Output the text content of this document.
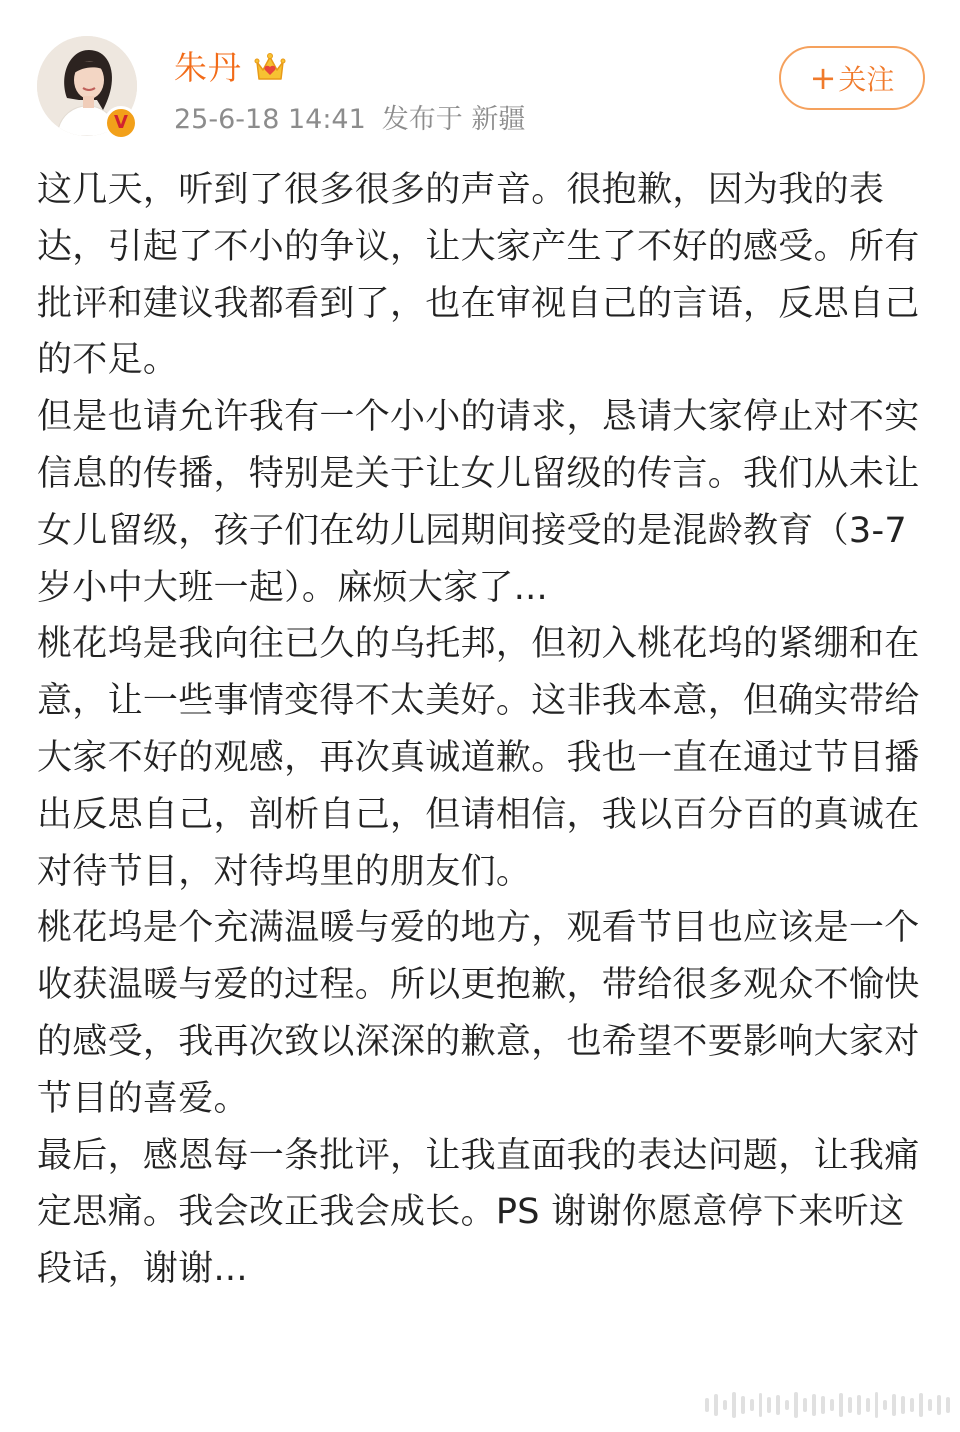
V
朱丹
25-6-18 14:41 发布于 新疆
+ 关注

这几天，听到了很多很多的声音。很抱歉，因为我的表达，引起了不小的争议，让大家产生了不好的感受。所有批评和建议我都看到了，也在审视自己的言语，反思自己的不足。

但是也请允许我有一个小小的请求，恳请大家停止对不实信息的传播，特别是关于让女儿留级的传言。我们从未让女儿留级，孩子们在幼儿园期间接受的是混龄教育（3-7岁小中大班一起）。麻烦大家了...

桃花坞是我向往已久的乌托邦，但初入桃花坞的紧绷和在意，让一些事情变得不太美好。这非我本意，但确实带给大家不好的观感，再次真诚道歉。我也一直在通过节目播出反思自己，剖析自己，但请相信，我以百分百的真诚在对待节目，对待坞里的朋友们。

桃花坞是个充满温暖与爱的地方，观看节目也应该是一个收获温暖与爱的过程。所以更抱歉，带给很多观众不愉快的感受，我再次致以深深的歉意，也希望不要影响大家对节目的喜爱。

最后，感恩每一条批评，让我直面我的表达问题，让我痛定思痛。我会改正我会成长。PS 谢谢你愿意停下来听这段话，谢谢...
